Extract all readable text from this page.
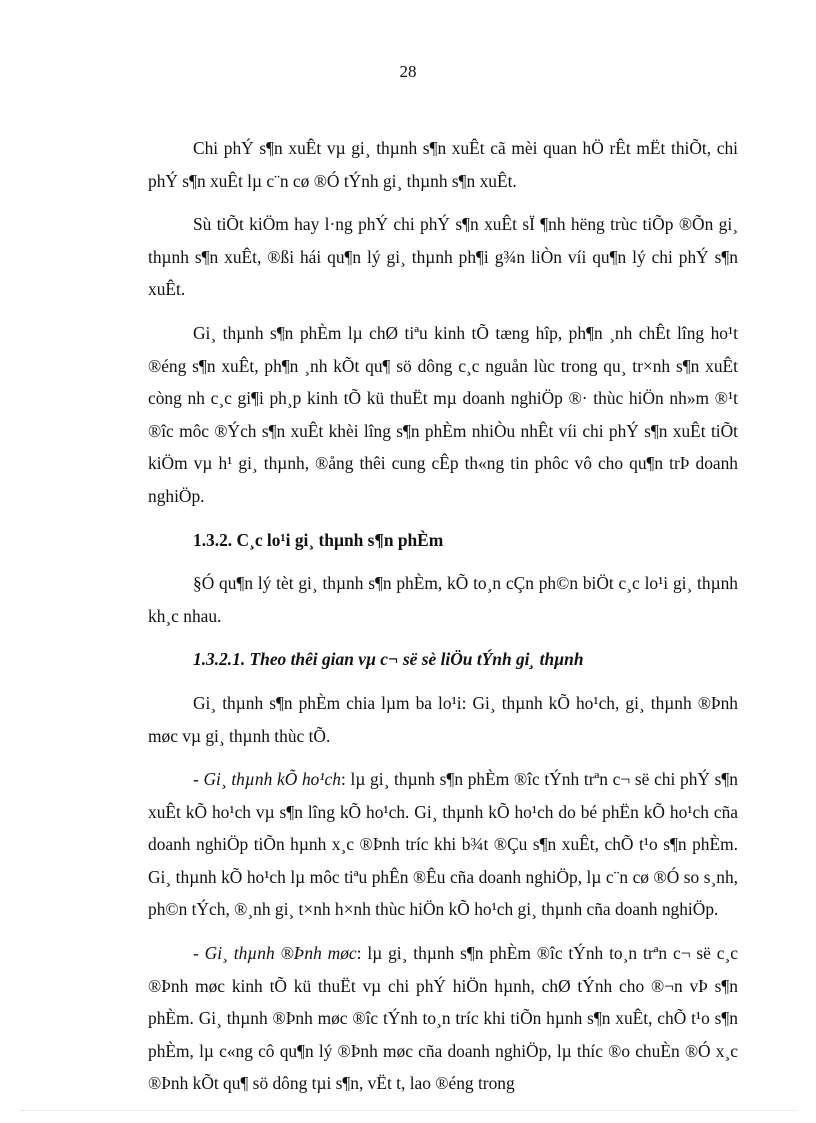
28

Chi phÝ s¶n xuÊt vµ gi¸ thµnh s¶n xuÊt cã mèi quan hÖ rÊt mËt thiÕt, chi phÝ s¶n xuÊt lµ c¨n cø ®Ó tÝnh gi¸ thµnh s¶n xuÊt.

Sù tiÕt kiÖm hay l·ng phÝ chi phÝ s¶n xuÊt sÏ ¶nh hëng trùc tiÕp ®Õn gi¸ thµnh s¶n xuÊt, ®ßi hái qu¶n lý gi¸ thµnh ph¶i g¾n liÒn víi qu¶n lý chi phÝ s¶n xuÊt.

Gi¸ thµnh s¶n phÈm lµ chØ tiªu kinh tÕ tæng hîp, ph¶n ¸nh chÊt lîng ho¹t ®éng s¶n xuÊt, ph¶n ¸nh kÕt qu¶ sö dông c¸c nguån lùc trong qu¸ tr×nh s¶n xuÊt còng nh c¸c gi¶i ph¸p kinh tÕ kü thuËt mµ doanh nghiÖp ®· thùc hiÖn nh»m ®¹t ®îc môc ®Ých s¶n xuÊt khèi lîng s¶n phÈm nhiÒu nhÊt víi chi phÝ s¶n xuÊt tiÕt kiÖm vµ h¹ gi¸ thµnh, ®ång thêi cung cÊp th«ng tin phôc vô cho qu¶n trÞ doanh nghiÖp.

1.3.2. C¸c lo¹i gi¸ thµnh s¶n phÈm

§Ó qu¶n lý tèt gi¸ thµnh s¶n phÈm, kÕ to¸n cÇn ph©n biÖt c¸c lo¹i gi¸ thµnh kh¸c nhau.

1.3.2.1. Theo thêi gian vµ c¬ së sè liÖu tÝnh gi¸ thµnh

Gi¸ thµnh s¶n phÈm chia lµm ba lo¹i: Gi¸ thµnh kÕ ho¹ch, gi¸ thµnh ®Þnh møc vµ gi¸ thµnh thùc tÕ.

- Gi¸ thµnh kÕ ho¹ch: lµ gi¸ thµnh s¶n phÈm ®îc tÝnh trªn c¬ së chi phÝ s¶n xuÊt kÕ ho¹ch vµ s¶n lîng kÕ ho¹ch. Gi¸ thµnh kÕ ho¹ch do bé phËn kÕ ho¹ch cña doanh nghiÖp tiÕn hµnh x¸c ®Þnh tríc khi b¾t ®Çu s¶n xuÊt, chÕ t¹o s¶n phÈm. Gi¸ thµnh kÕ ho¹ch lµ môc tiªu phÊn ®Êu cña doanh nghiÖp, lµ c¨n cø ®Ó so s¸nh, ph©n tÝch, ®¸nh gi¸ t×nh h×nh thùc hiÖn kÕ ho¹ch gi¸ thµnh cña doanh nghiÖp.

- Gi¸ thµnh ®Þnh møc: lµ gi¸ thµnh s¶n phÈm ®îc tÝnh to¸n trªn c¬ së c¸c ®Þnh møc kinh tÕ kü thuËt vµ chi phÝ hiÖn hµnh, chØ tÝnh cho ®¬n vÞ s¶n phÈm. Gi¸ thµnh ®Þnh møc ®îc tÝnh to¸n tríc khi tiÕn hµnh s¶n xuÊt, chÕ t¹o s¶n phÈm, lµ c«ng cô qu¶n lý ®Þnh møc cña doanh nghiÖp, lµ thíc ®o chuÈn ®Ó x¸c ®Þnh kÕt qu¶ sö dông tµi s¶n, vËt t, lao ®éng trong
